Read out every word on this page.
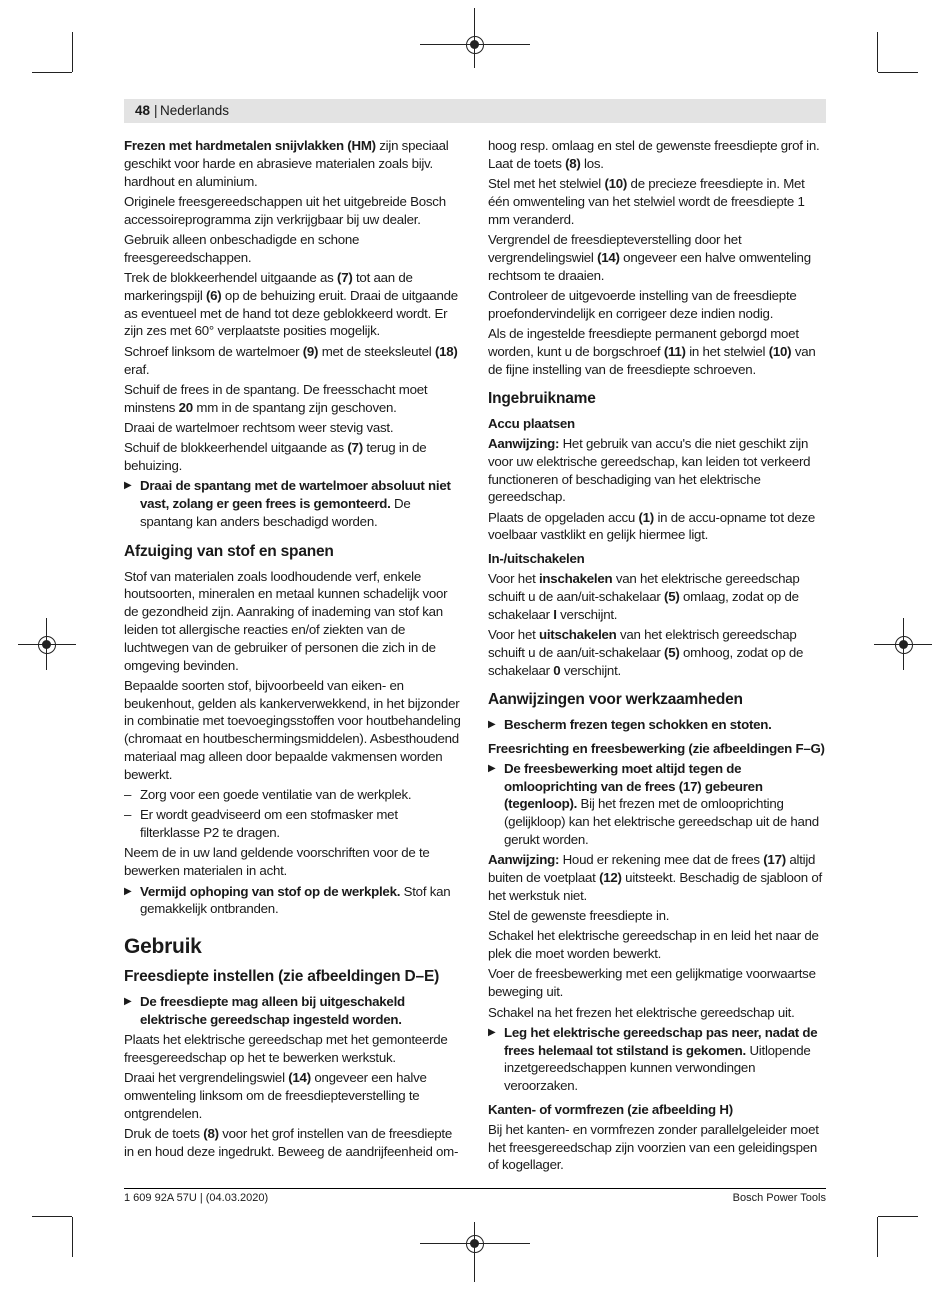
48 | Nederlands

Frezen met hardmetalen snijvlakken (HM) zijn speciaal geschikt voor harde en abrasieve materialen zoals bijv. hardhout en aluminium.

Originele freesgereedschappen uit het uitgebreide Bosch accessoireprogramma zijn verkrijgbaar bij uw dealer.

Gebruik alleen onbeschadigde en schone freesgereedschappen.

Trek de blokkeerhendel uitgaande as (7) tot aan de markeringspijl (6) op de behuizing eruit. Draai de uitgaande as eventueel met de hand tot deze geblokkeerd wordt. Er zijn zes met 60° verplaatste posities mogelijk.

Schroef linksom de wartelmoer (9) met de steeksleutel (18) eraf.

Schuif de frees in de spantang. De freesschacht moet minstens 20 mm in de spantang zijn geschoven.

Draai de wartelmoer rechtsom weer stevig vast.

Schuif de blokkeerhendel uitgaande as (7) terug in de behuizing.

▶ Draai de spantang met de wartelmoer absoluut niet vast, zolang er geen frees is gemonteerd. De spantang kan anders beschadigd worden.

Afzuiging van stof en spanen

Stof van materialen zoals loodhoudende verf, enkele houtsoorten, mineralen en metaal kunnen schadelijk voor de gezondheid zijn. Aanraking of inademing van stof kan leiden tot allergische reacties en/of ziekten van de luchtwegen van de gebruiker of personen die zich in de omgeving bevinden.

Bepaalde soorten stof, bijvoorbeeld van eiken- en beukenhout, gelden als kankerverwekkend, in het bijzonder in combinatie met toevoegingsstoffen voor houtbehandeling (chromaat en houtbeschermingsmiddelen). Asbesthoudend materiaal mag alleen door bepaalde vakmensen worden bewerkt.

– Zorg voor een goede ventilatie van de werkplek.

– Er wordt geadviseerd om een stofmasker met filterklasse P2 te dragen.

Neem de in uw land geldende voorschriften voor de te bewerken materialen in acht.

▶ Vermijd ophoping van stof op de werkplek. Stof kan gemakkelijk ontbranden.

Gebruik
Freesdiepte instellen (zie afbeeldingen D–E)

▶ De freesdiepte mag alleen bij uitgeschakeld elektrische gereedschap ingesteld worden.

Plaats het elektrische gereedschap met het gemonteerde freesgereedschap op het te bewerken werkstuk.

Draai het vergrendelingswiel (14) ongeveer een halve omwenteling linksom om de freesdiepteverstelling te ontgrendelen.

Druk de toets (8) voor het grof instellen van de freesdiepte in en houd deze ingedrukt. Beweeg de aandrijfeenheid om-

hoog resp. omlaag en stel de gewenste freesdiepte grof in. Laat de toets (8) los.

Stel met het stelwiel (10) de precieze freesdiepte in. Met één omwenteling van het stelwiel wordt de freesdiepte 1 mm veranderd.

Vergrendel de freesdiepteverstelling door het vergrendelingswiel (14) ongeveer een halve omwenteling rechtsom te draaien.

Controleer de uitgevoerde instelling van de freesdiepte proefondervindelijk en corrigeer deze indien nodig.

Als de ingestelde freesdiepte permanent geborgd moet worden, kunt u de borgschroef (11) in het stelwiel (10) van de fijne instelling van de freesdiepte schroeven.

Ingebruikname
Accu plaatsen

Aanwijzing: Het gebruik van accu's die niet geschikt zijn voor uw elektrische gereedschap, kan leiden tot verkeerd functioneren of beschadiging van het elektrische gereedschap.

Plaats de opgeladen accu (1) in de accu-opname tot deze voelbaar vastklikt en gelijk hiermee ligt.

In-/uitschakelen

Voor het inschakelen van het elektrische gereedschap schuift u de aan/uit-schakelaar (5) omlaag, zodat op de schakelaar I verschijnt.

Voor het uitschakelen van het elektrisch gereedschap schuift u de aan/uit-schakelaar (5) omhoog, zodat op de schakelaar 0 verschijnt.

Aanwijzingen voor werkzaamheden

▶ Bescherm frezen tegen schokken en stoten.

Freesrichting en freesbewerking (zie afbeeldingen F–G)

▶ De freesbewerking moet altijd tegen de omlooprichting van de frees (17) gebeuren (tegenloop). Bij het frezen met de omlooprichting (gelijkloop) kan het elektrische gereedschap uit de hand gerukt worden.

Aanwijzing: Houd er rekening mee dat de frees (17) altijd buiten de voetplaat (12) uitsteekt. Beschadig de sjabloon of het werkstuk niet.

Stel de gewenste freesdiepte in.

Schakel het elektrische gereedschap in en leid het naar de plek die moet worden bewerkt.

Voer de freesbewerking met een gelijkmatige voorwaartse beweging uit.

Schakel na het frezen het elektrische gereedschap uit.

▶ Leg het elektrische gereedschap pas neer, nadat de frees helemaal tot stilstand is gekomen. Uitlopende inzetgereedschappen kunnen verwondingen veroorzaken.

Kanten- of vormfrezen (zie afbeelding H)

Bij het kanten- en vormfrezen zonder parallelgeleider moet het freesgereedschap zijn voorzien van een geleidingspen of kogellager.

1 609 92A 57U | (04.03.2020)	Bosch Power Tools
